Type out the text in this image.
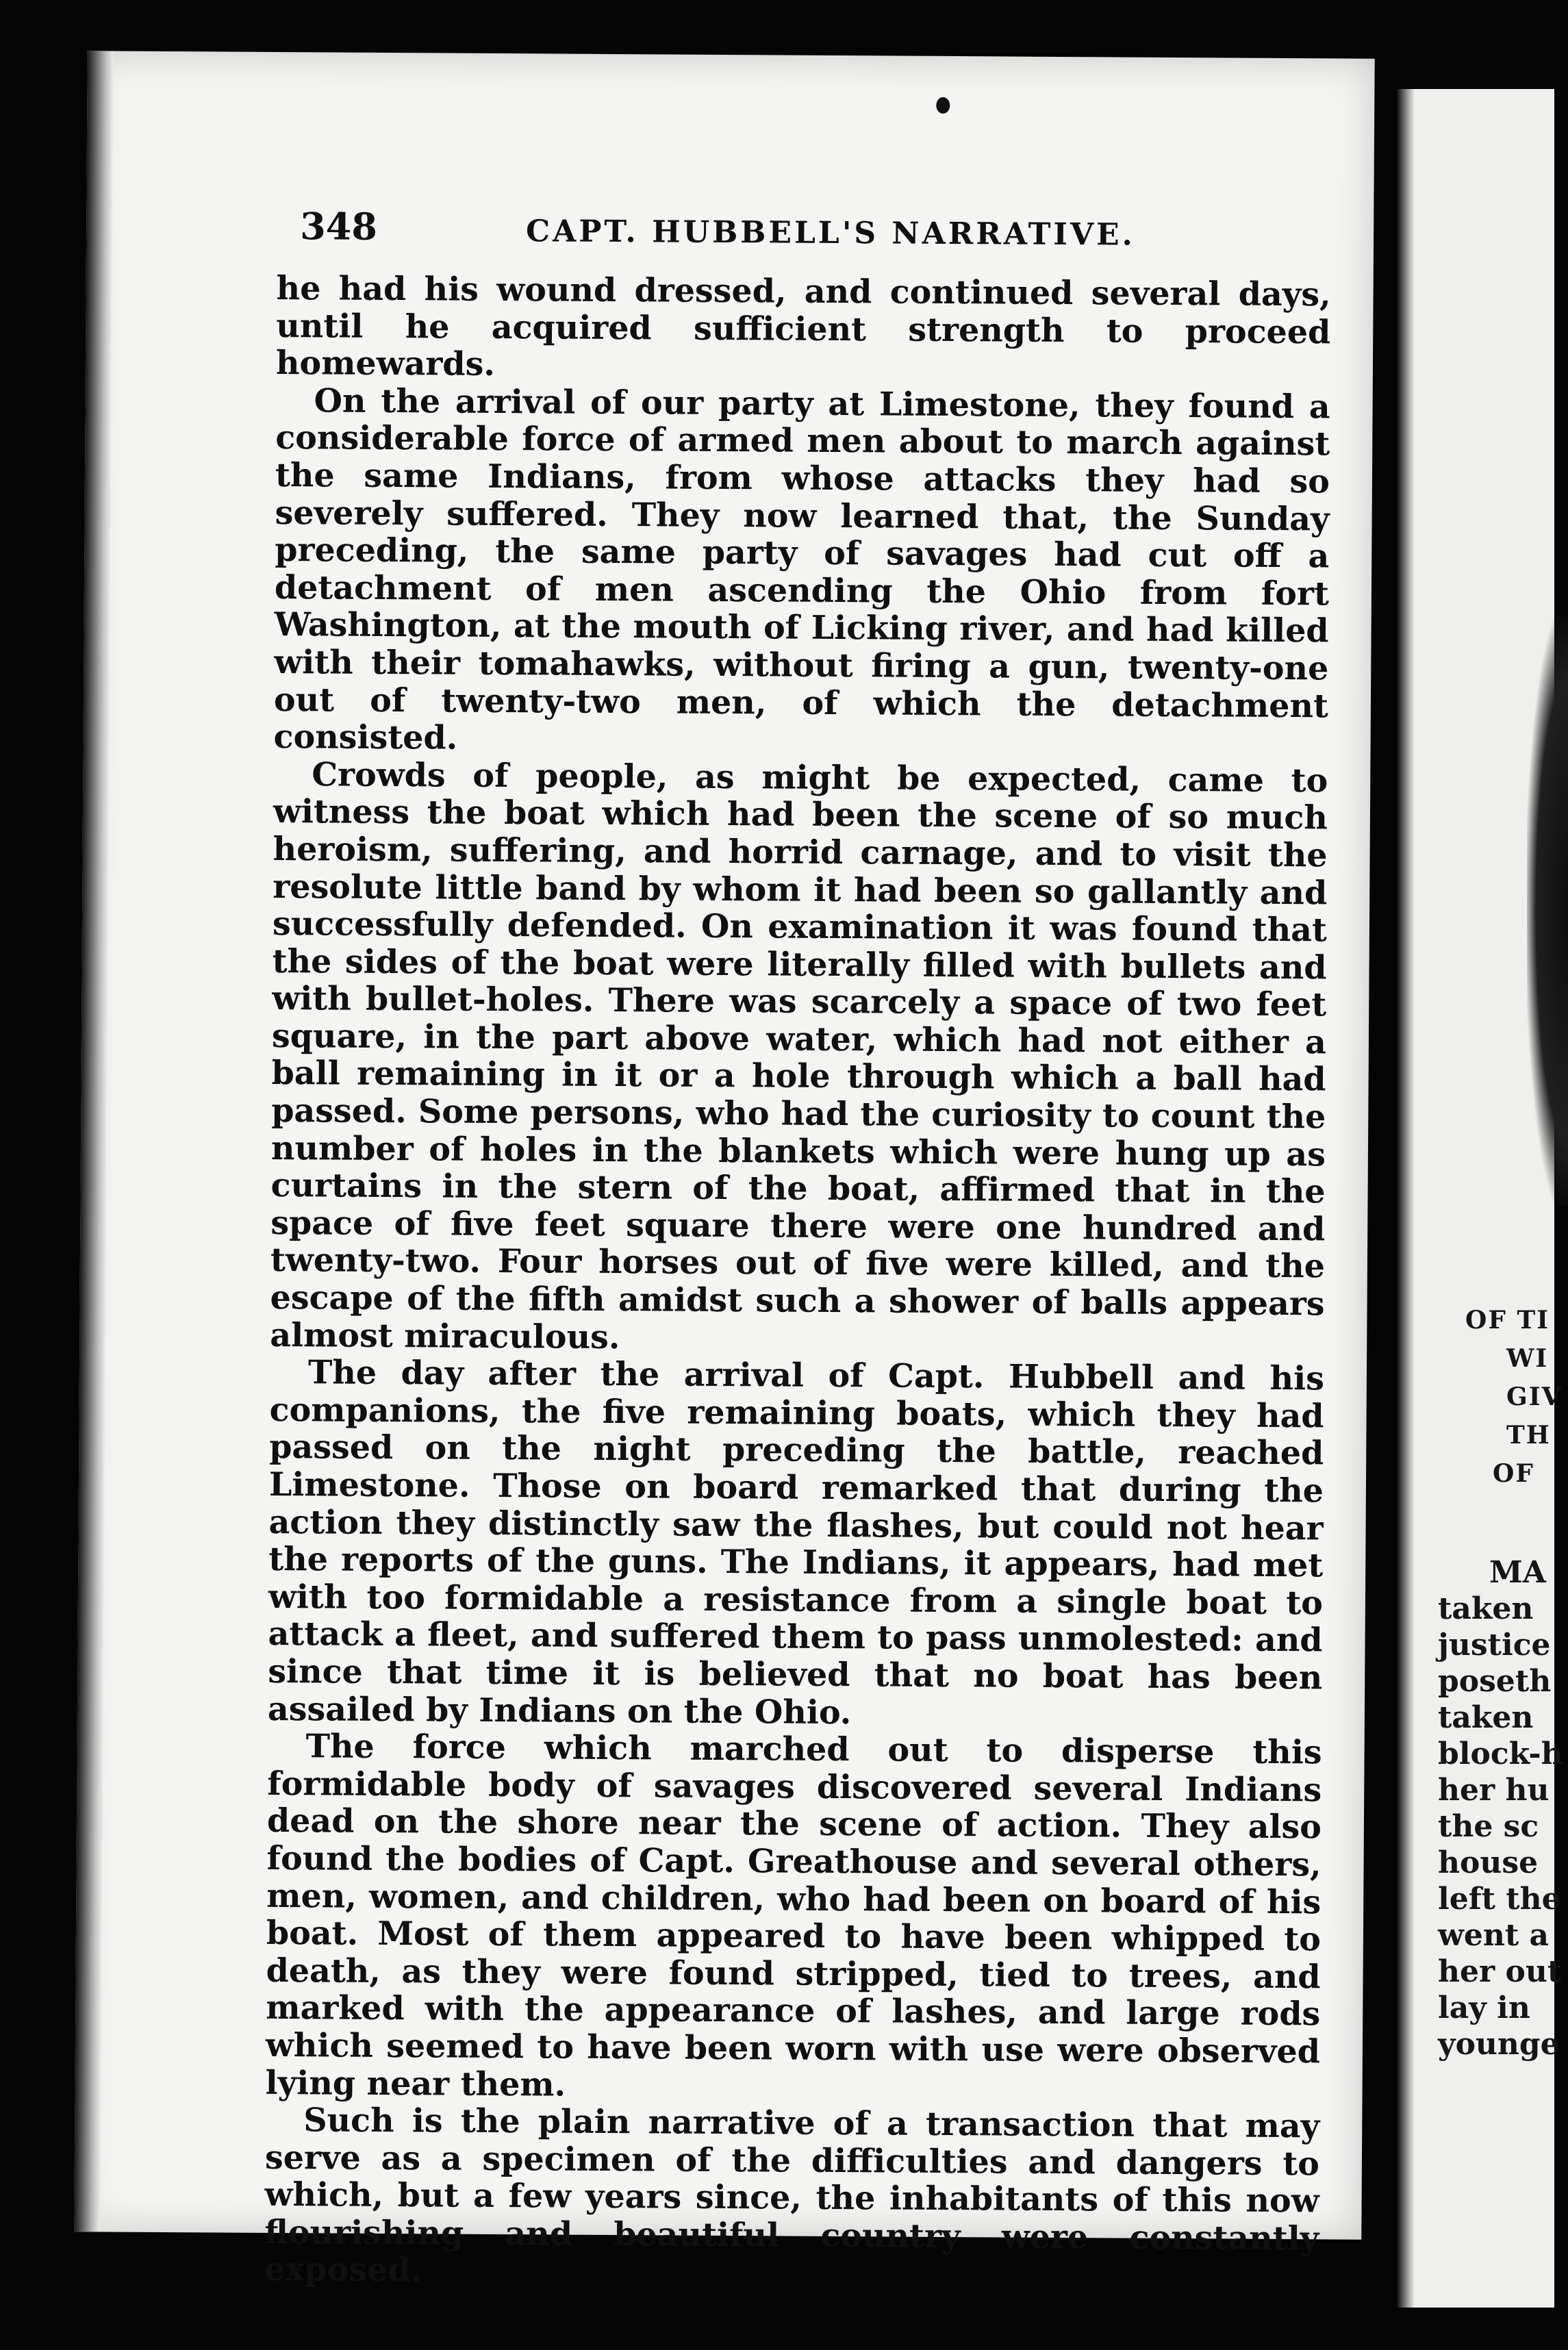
348	CAPT. HUBBELL'S NARRATIVE.

he had his wound dressed, and continued several days, until he acquired sufficient strength to proceed homewards.

On the arrival of our party at Limestone, they found a considerable force of armed men about to march against the same Indians, from whose attacks they had so severely suffered. They now learned that, the Sunday preceding, the same party of savages had cut off a detachment of men ascending the Ohio from fort Washington, at the mouth of Licking river, and had killed with their tomahawks, without firing a gun, twenty-one out of twenty-two men, of which the detachment consisted.

Crowds of people, as might be expected, came to witness the boat which had been the scene of so much heroism, suffering, and horrid carnage, and to visit the resolute little band by whom it had been so gallantly and successfully defended. On examination it was found that the sides of the boat were literally filled with bullets and with bullet-holes. There was scarcely a space of two feet square, in the part above water, which had not either a ball remaining in it or a hole through which a ball had passed. Some persons, who had the curiosity to count the number of holes in the blankets which were hung up as curtains in the stern of the boat, affirmed that in the space of five feet square there were one hundred and twenty-two. Four horses out of five were killed, and the escape of the fifth amidst such a shower of balls appears almost miraculous.

The day after the arrival of Capt. Hubbell and his companions, the five remaining boats, which they had passed on the night preceding the battle, reached Limestone. Those on board remarked that during the action they distinctly saw the flashes, but could not hear the reports of the guns. The Indians, it appears, had met with too formidable a resistance from a single boat to attack a fleet, and suffered them to pass unmolested: and since that time it is believed that no boat has been assailed by Indians on the Ohio.

The force which marched out to disperse this formidable body of savages discovered several Indians dead on the shore near the scene of action. They also found the bodies of Capt. Greathouse and several others, men, women, and children, who had been on board of his boat. Most of them appeared to have been whipped to death, as they were found stripped, tied to trees, and marked with the appearance of lashes, and large rods which seemed to have been worn with use were observed lying near them.

Such is the plain narrative of a transaction that may serve as a specimen of the difficulties and dangers to which, but a few years since, the inhabitants of this now flourishing and beautiful country were constantly exposed.

OF TI
WI
GIV
TH
OF
MA
taken
justice
poseth
taken
block-h
her hu
the sc
house
left the
went a
her out
lay in
younge
